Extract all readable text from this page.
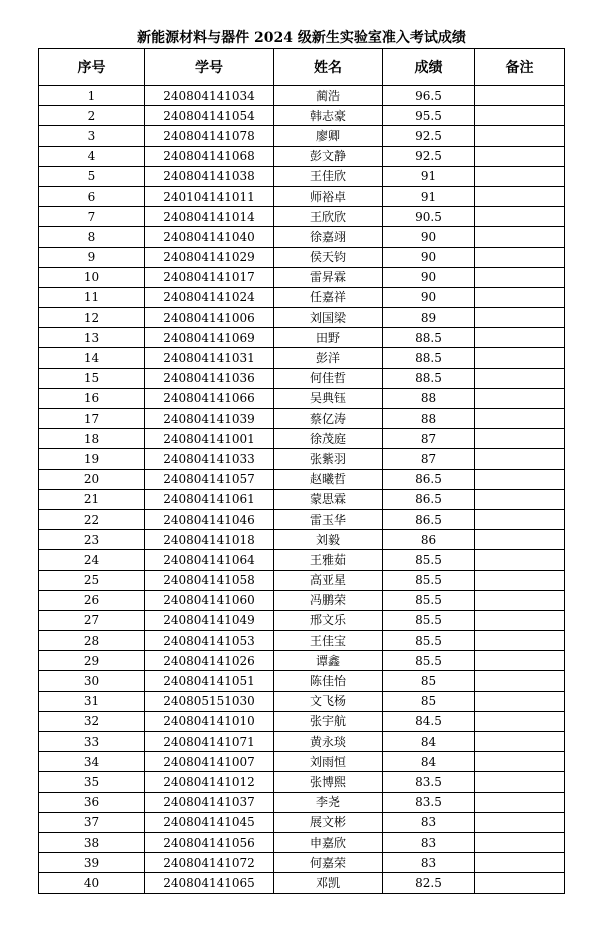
新能源材料与器件 2024 级新生实验室准入考试成绩
序号	学号	姓名	成绩	备注
1	240804141034	蔺浩	96.5	
2	240804141054	韩志豪	95.5	
3	240804141078	廖卿	92.5	
4	240804141068	彭文静	92.5	
5	240804141038	王佳欣	91	
6	240104141011	师裕卓	91	
7	240804141014	王欣欣	90.5	
8	240804141040	徐嘉翊	90	
9	240804141029	侯天钧	90	
10	240804141017	雷昇霖	90	
11	240804141024	任嘉祥	90	
12	240804141006	刘国梁	89	
13	240804141069	田野	88.5	
14	240804141031	彭洋	88.5	
15	240804141036	何佳哲	88.5	
16	240804141066	吴典钰	88	
17	240804141039	蔡亿涛	88	
18	240804141001	徐茂庭	87	
19	240804141033	张紫羽	87	
20	240804141057	赵曦哲	86.5	
21	240804141061	蒙思霖	86.5	
22	240804141046	雷玉华	86.5	
23	240804141018	刘毅	86	
24	240804141064	王雅茹	85.5	
25	240804141058	高亚星	85.5	
26	240804141060	冯鹏荣	85.5	
27	240804141049	邢文乐	85.5	
28	240804141053	王佳宝	85.5	
29	240804141026	谭鑫	85.5	
30	240804141051	陈佳怡	85	
31	240805151030	文飞杨	85	
32	240804141010	张宇航	84.5	
33	240804141071	黄永琰	84	
34	240804141007	刘雨恒	84	
35	240804141012	张博熙	83.5	
36	240804141037	李尧	83.5	
37	240804141045	展文彬	83	
38	240804141056	申嘉欣	83	
39	240804141072	何嘉荣	83	
40	240804141065	邓凯	82.5	
